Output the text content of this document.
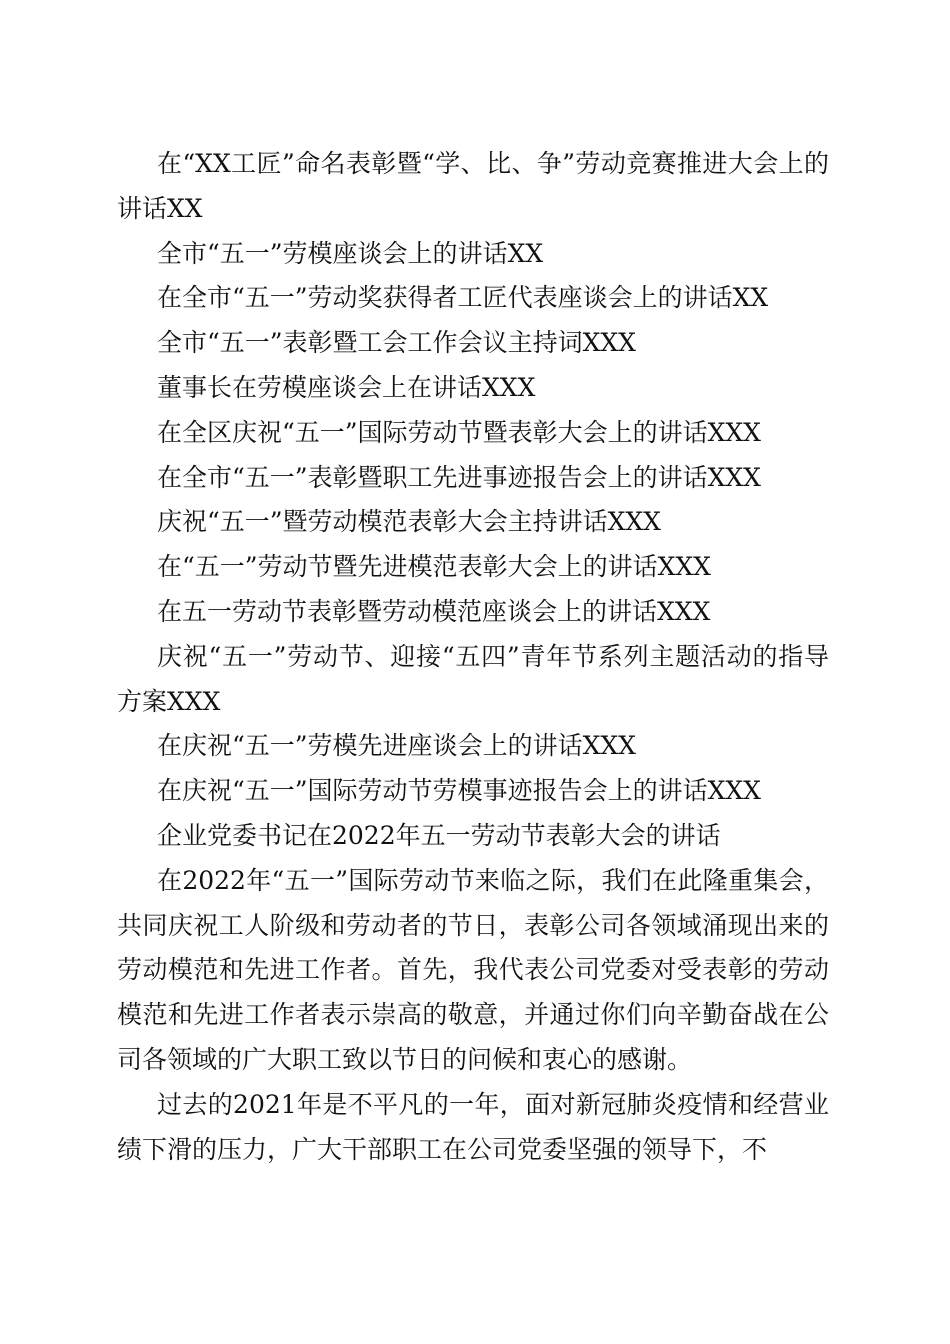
在“XX工匠”命名表彰暨“学、比、争”劳动竞赛推进大会上的讲话XX

全市“五一”劳模座谈会上的讲话XX

在全市“五一”劳动奖获得者工匠代表座谈会上的讲话XX

全市“五一”表彰暨工会工作会议主持词XXX

董事长在劳模座谈会上在讲话XXX

在全区庆祝“五一”国际劳动节暨表彰大会上的讲话XXX

在全市“五一”表彰暨职工先进事迹报告会上的讲话XXX

庆祝“五一”暨劳动模范表彰大会主持讲话XXX

在“五一”劳动节暨先进模范表彰大会上的讲话XXX

在五一劳动节表彰暨劳动模范座谈会上的讲话XXX

庆祝“五一”劳动节、迎接“五四”青年节系列主题活动的指导方案XXX

在庆祝“五一”劳模先进座谈会上的讲话XXX

在庆祝“五一”国际劳动节劳模事迹报告会上的讲话XXX

企业党委书记在2022年五一劳动节表彰大会的讲话

在2022年“五一”国际劳动节来临之际，我们在此隆重集会，共同庆祝工人阶级和劳动者的节日，表彰公司各领域涌现出来的劳动模范和先进工作者。首先，我代表公司党委对受表彰的劳动模范和先进工作者表示崇高的敬意，并通过你们向辛勤奋战在公司各领域的广大职工致以节日的问候和衷心的感谢。

过去的2021年是不平凡的一年，面对新冠肺炎疫情和经营业绩下滑的压力，广大干部职工在公司党委坚强的领导下，不
